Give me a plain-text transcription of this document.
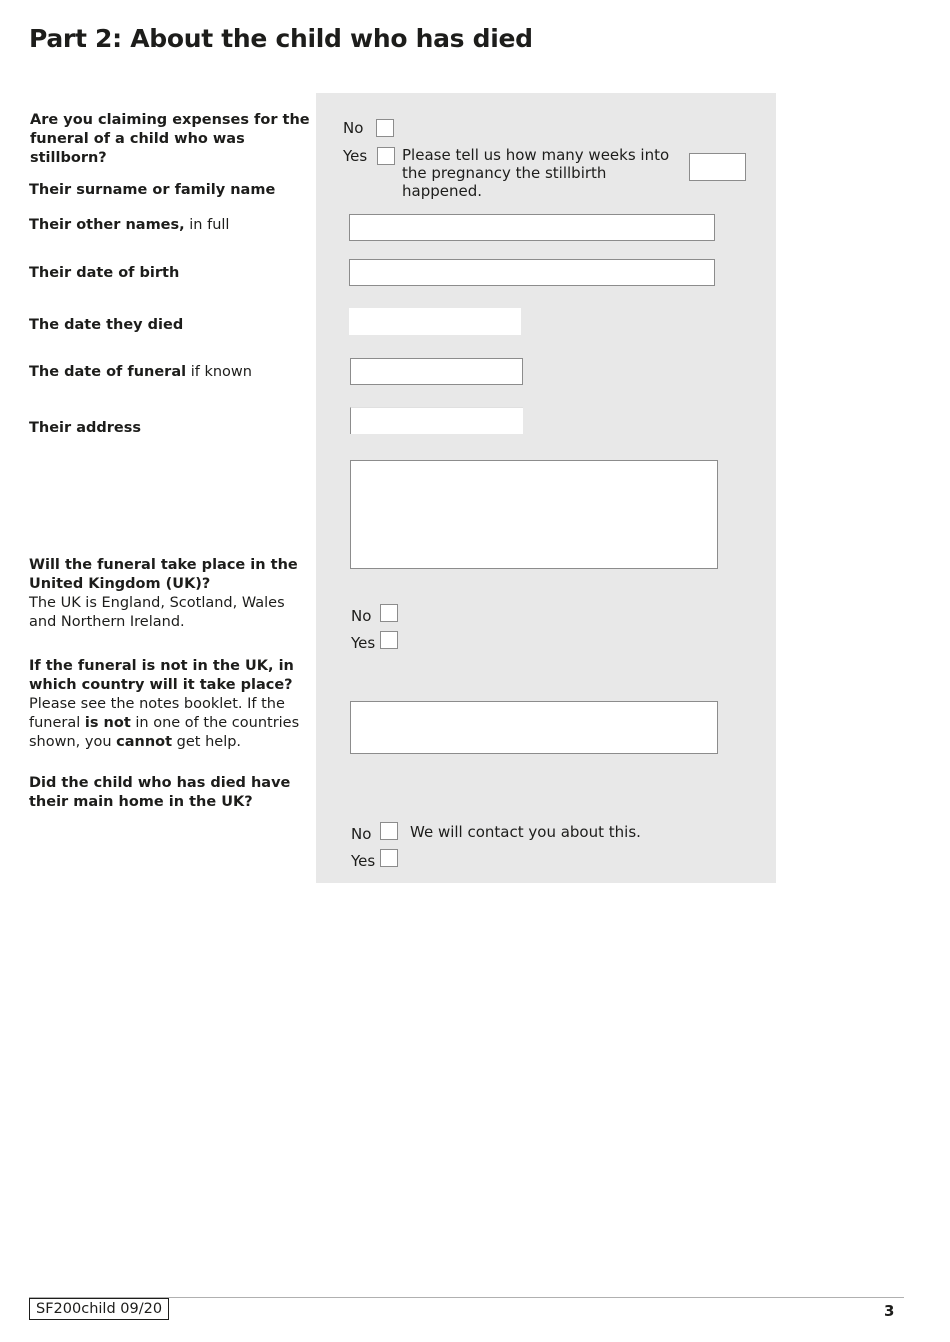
Part 2: About the child who has died
Are you claiming expenses for the funeral of a child who was stillborn?
No
Yes Please tell us how many weeks into the pregnancy the stillbirth happened.
Their surname or family name
Their other names, in full
Their date of birth
The date they died
The date of funeral if known
Their address
Will the funeral take place in the United Kingdom (UK)?
The UK is England, Scotland, Wales and Northern Ireland.	No
Yes
If the funeral is not in the UK, in which country will it take place?
Please see the notes booklet. If the funeral is not in one of the countries shown, you cannot get help.
Did the child who has died have their main home in the UK?
No	We will contact you about this.
Yes
SF200child 09/20	3
